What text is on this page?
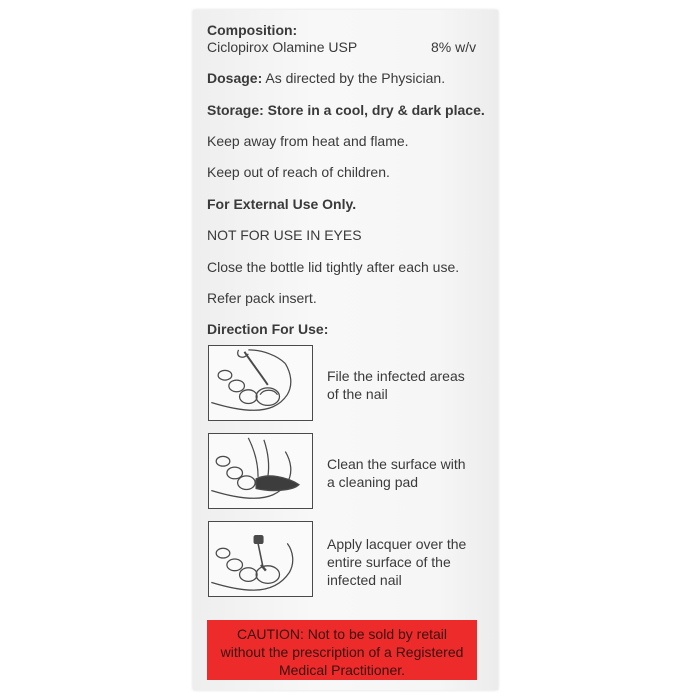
Composition:
Ciclopirox Olamine USP	8% w/v
Dosage: As directed by the Physician.
Storage: Store in a cool, dry & dark place.
Keep away from heat and flame.
Keep out of reach of children.
For External Use Only.
NOT FOR USE IN EYES
Close the bottle lid tightly after each use.
Refer pack insert.
Direction For Use:
File the infected areas
of the nail
Clean the surface with
a cleaning pad
Apply lacquer over the
entire surface of the
infected nail
CAUTION: Not to be sold by retail
without the prescription of a Registered
Medical Practitioner.
